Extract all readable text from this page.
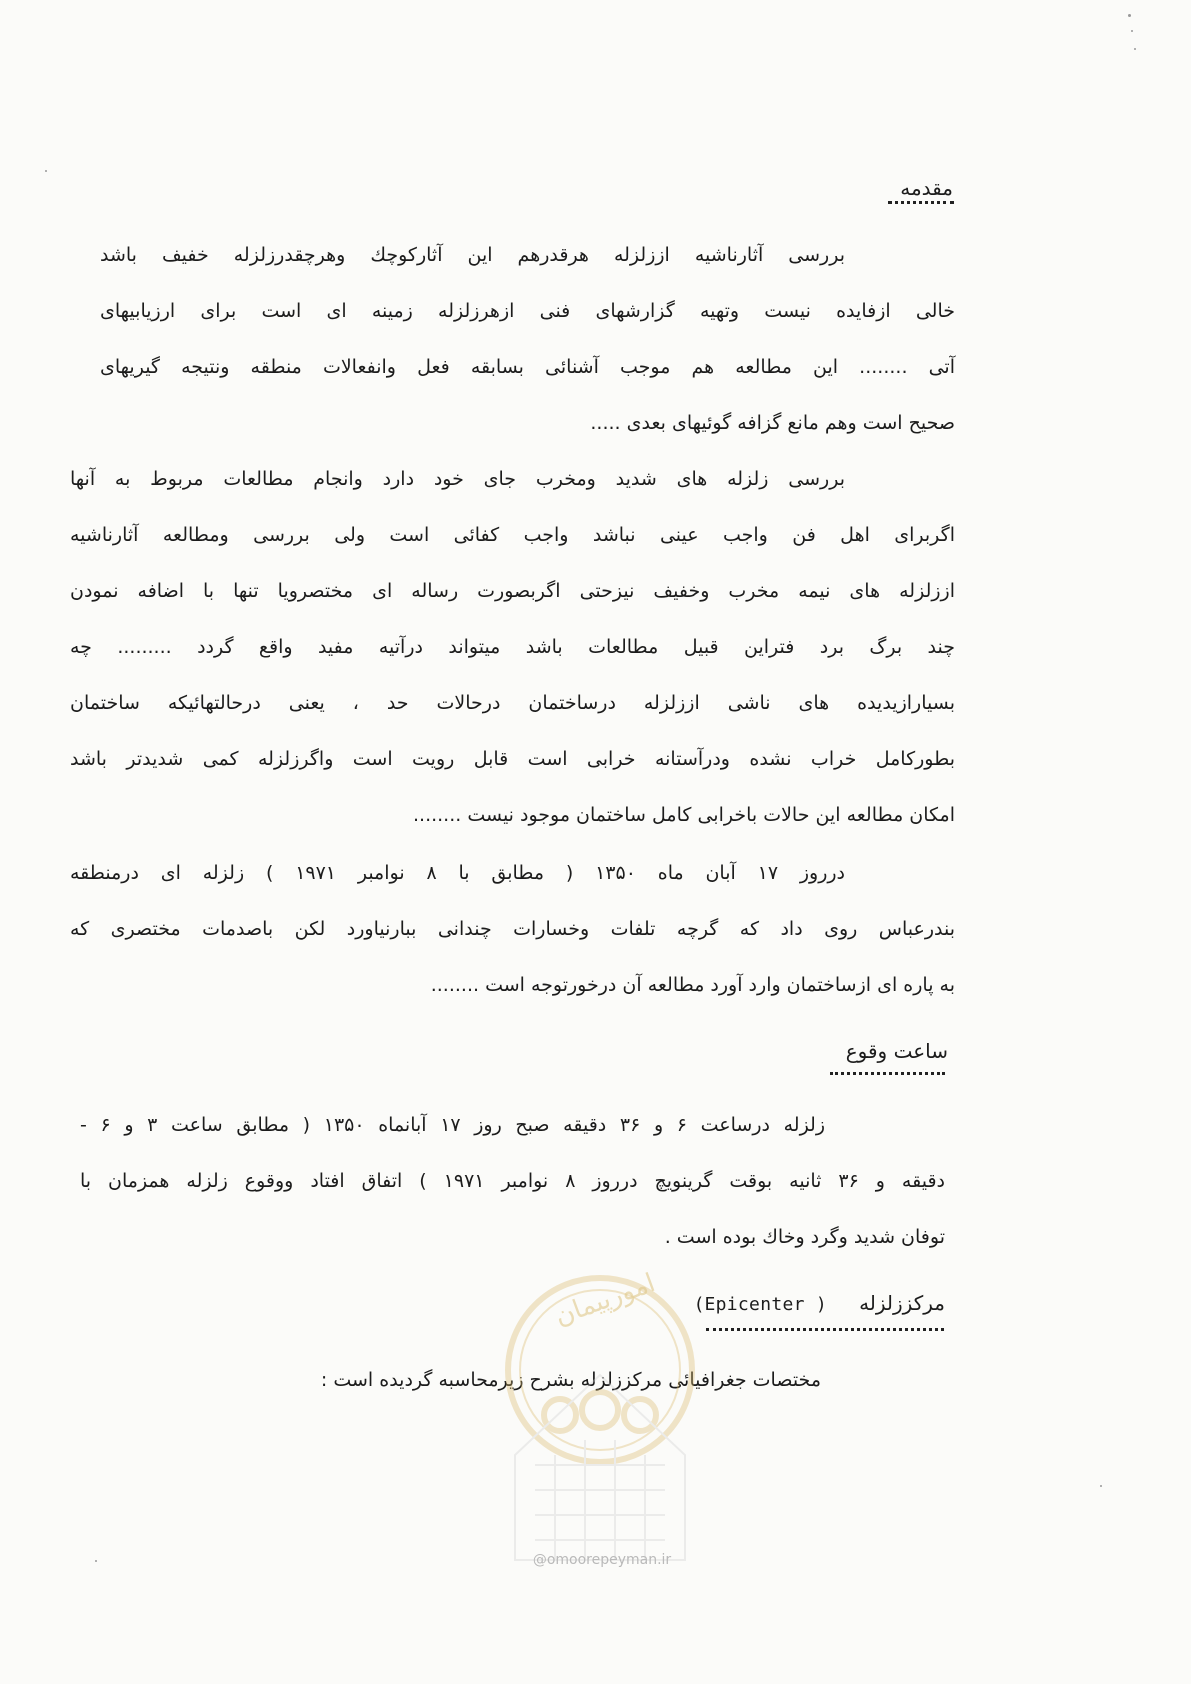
مقدمه
بررسی آثارناشیه اززلزله هرقدرهم این آثارکوچك وهرچقدرزلزله خفیف باشد
خالی ازفایده نیست وتهیه گزارشهای فنی ازهرزلزله زمینه ای است برای ارزیابیهای
آتی ........ این مطالعه هم موجب آشنائی بسابقه فعل وانفعالات منطقه ونتیجه گیریهای
صحیح است وهم مانع گزافه گوئیهای بعدی .....
بررسی زلزله های شدید ومخرب جای خود دارد وانجام مطالعات مربوط به آنها
اگربرای اهل فن واجب عینی نباشد واجب کفائی است ولی بررسی ومطالعه آثارناشیه
اززلزله های نیمه مخرب وخفیف نیزحتی اگربصورت رساله ای مختصرویا تنها با اضافه نمودن
چند برگ برد فتراین قبیل مطالعات باشد میتواند درآتیه مفید واقع گردد ......... چه
بسیارازیدیده های ناشی اززلزله درساختمان درحالات حد ، یعنی درحالتهائیکه ساختمان
بطورکامل خراب نشده ودرآستانه خرابی است قابل رویت است واگرزلزله کمی شدیدتر باشد
امکان مطالعه این حالات باخرابی کامل ساختمان موجود نیست ........
درروز ۱۷ آبان ماه ۱۳۵۰ ( مطابق با ۸ نوامبر ۱۹۷۱ ) زلزله ای درمنطقه
بندرعباس روی داد که گرچه تلفات وخسارات چندانی ببارنیاورد لکن باصدمات مختصری که
به پاره ای ازساختمان وارد آورد مطالعه آن درخورتوجه است ........
ساعت وقوع
زلزله درساعت ۶ و ۳۶ دقیقه صبح روز ۱۷ آبانماه ۱۳۵۰ ( مطابق ساعت ۳ و ۶ -
دقیقه و ۳۶ ثانیه بوقت گرینویچ درروز ۸ نوامبر ۱۹۷۱ ) اتفاق افتاد ووقوع زلزله همزمان با
توفان شدید وگرد وخاك بوده است .
مرکززلزله (Epicenter )
مختصات جغرافیائی مرکززلزله بشرح زیرمحاسبه گردیده است :
امورپیمان
@omoorepeyman.ir
